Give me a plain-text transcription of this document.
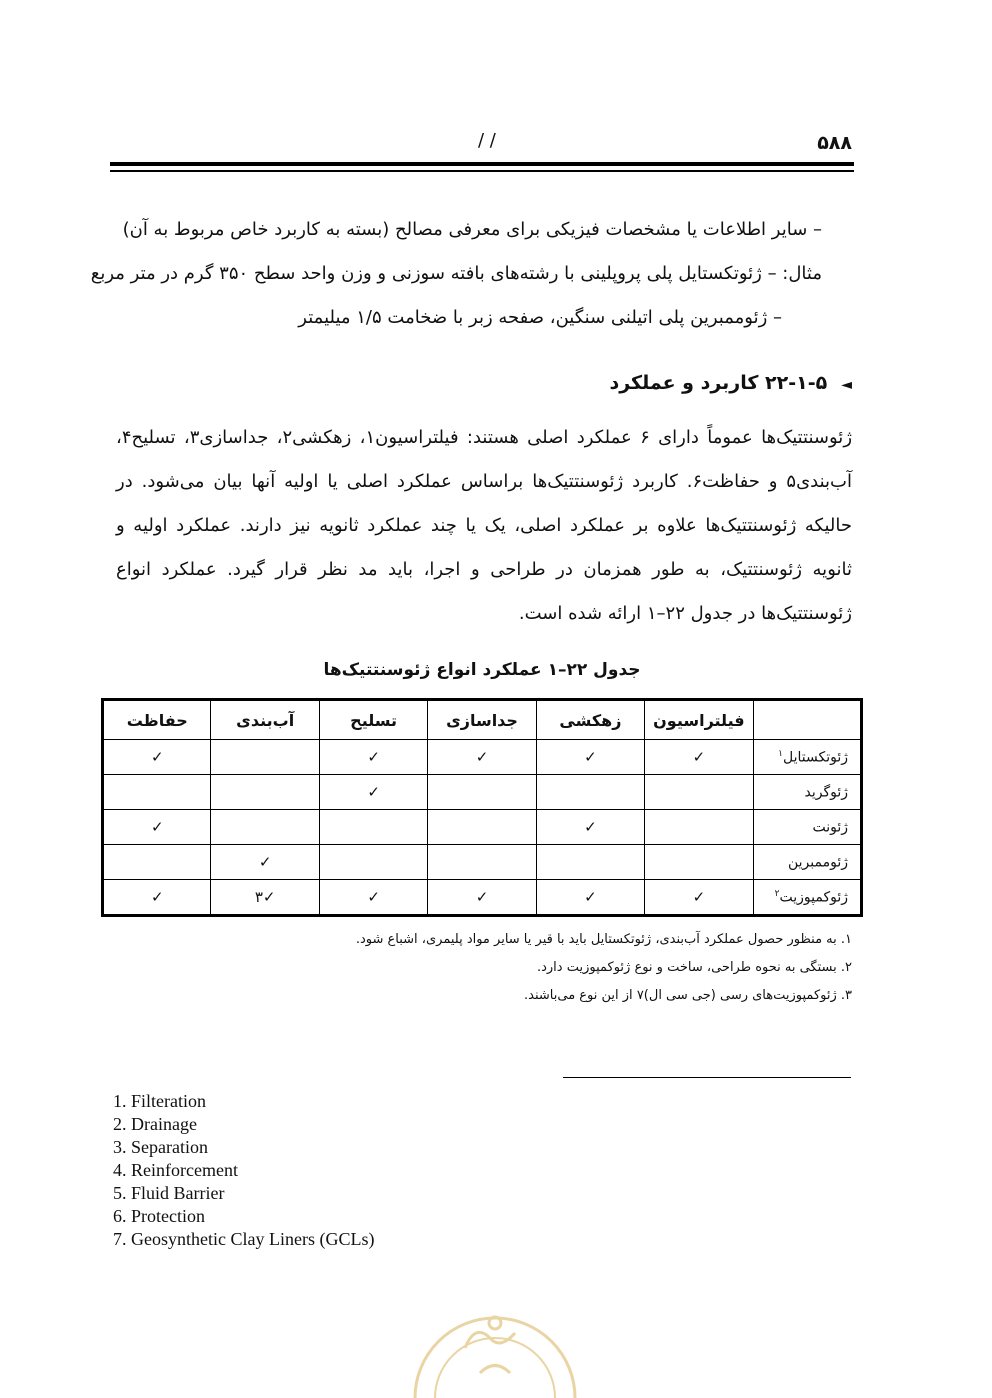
۵۸۸
/ /
– سایر اطلاعات یا مشخصات فیزیکی برای معرفی مصالح (بسته به کاربرد خاص مربوط به آن)
مثال: – ژئوتکستایل پلی پروپلینی با رشته‌های بافته سوزنی و وزن واحد سطح ۳۵۰ گرم در متر مربع
– ژئوممبرین پلی اتیلنی سنگین، صفحه زبر با ضخامت ۱/۵ میلیمتر
◄۲۲-۱-۵ کاربرد و عملکرد

ژئوسنتتیک‌ها عموماً دارای ۶ عملکرد اصلی هستند: فیلتراسیون۱، زهکشی۲، جداسازی۳، تسلیح۴، آب‌بندی۵ و حفاظت۶. کاربرد ژئوسنتتیک‌ها براساس عملکرد اصلی یا اولیه آنها بیان می‌شود. در حالیکه ژئوسنتتیک‌ها علاوه بر عملکرد اصلی، یک یا چند عملکرد ثانویه نیز دارند. عملکرد اولیه و ثانویه ژئوسنتتیک، به طور همزمان در طراحی و اجرا، باید مد نظر قرار گیرد. عملکرد انواع ژئوسنتتیک‌ها در جدول ۲۲–۱ ارائه شده است.

جدول ۲۲–۱ عملکرد انواع ژئوسنتتیک‌ها
	فیلتراسیون	زهکشی	جداسازی	تسلیح	آب‌بندی	حفاظت
ژئوتکستایل$^۱$	✓	✓	✓	✓		✓
ژئوگرید				✓		
ژئونت		✓				✓
ژئوممبرین					✓	
ژئوکمپوزیت$^۲$	✓	✓	✓	✓	✓۳	✓
۱. به منظور حصول عملکرد آب‌بندی، ژئوتکستایل باید با قیر یا سایر مواد پلیمری، اشباع شود.
۲. بستگی به نحوه طراحی، ساخت و نوع ژئوکمپوزیت دارد.
۳. ژئوکمپوزیت‌های رسی (جی سی ال)۷ از این نوع می‌باشند.
1. Filteration
2. Drainage
3. Separation
4. Reinforcement
5. Fluid Barrier
6. Protection
7. Geosynthetic Clay Liners (GCLs)
